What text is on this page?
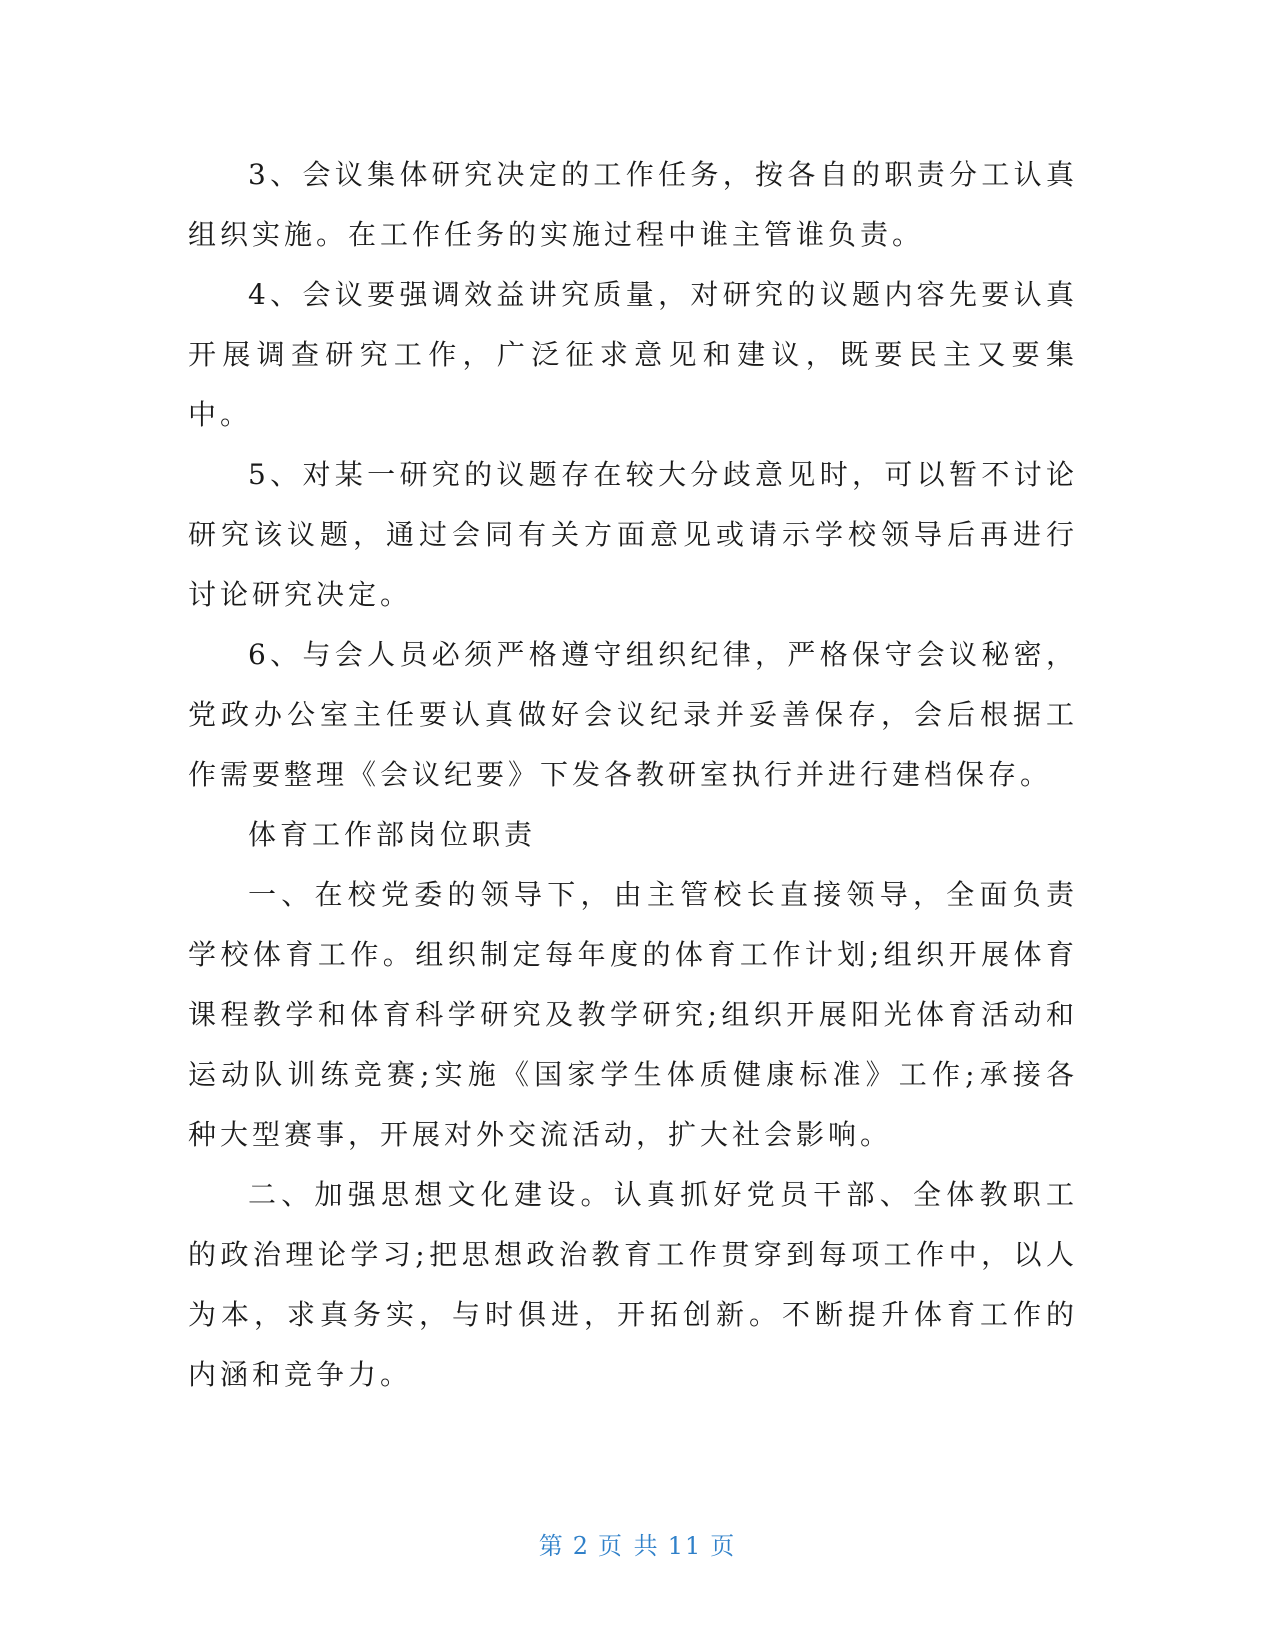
3、会议集体研究决定的工作任务，按各自的职责分工认真组织实施。在工作任务的实施过程中谁主管谁负责。

4、会议要强调效益讲究质量，对研究的议题内容先要认真开展调查研究工作，广泛征求意见和建议，既要民主又要集中。

5、对某一研究的议题存在较大分歧意见时，可以暂不讨论研究该议题，通过会同有关方面意见或请示学校领导后再进行讨论研究决定。

6、与会人员必须严格遵守组织纪律，严格保守会议秘密，党政办公室主任要认真做好会议纪录并妥善保存，会后根据工作需要整理《会议纪要》下发各教研室执行并进行建档保存。

体育工作部岗位职责

一、在校党委的领导下，由主管校长直接领导，全面负责学校体育工作。组织制定每年度的体育工作计划;组织开展体育课程教学和体育科学研究及教学研究;组织开展阳光体育活动和运动队训练竞赛;实施《国家学生体质健康标准》工作;承接各种大型赛事，开展对外交流活动，扩大社会影响。

二、加强思想文化建设。认真抓好党员干部、全体教职工的政治理论学习;把思想政治教育工作贯穿到每项工作中，以人为本，求真务实，与时俱进，开拓创新。不断提升体育工作的内涵和竞争力。

第 2 页 共 11 页
